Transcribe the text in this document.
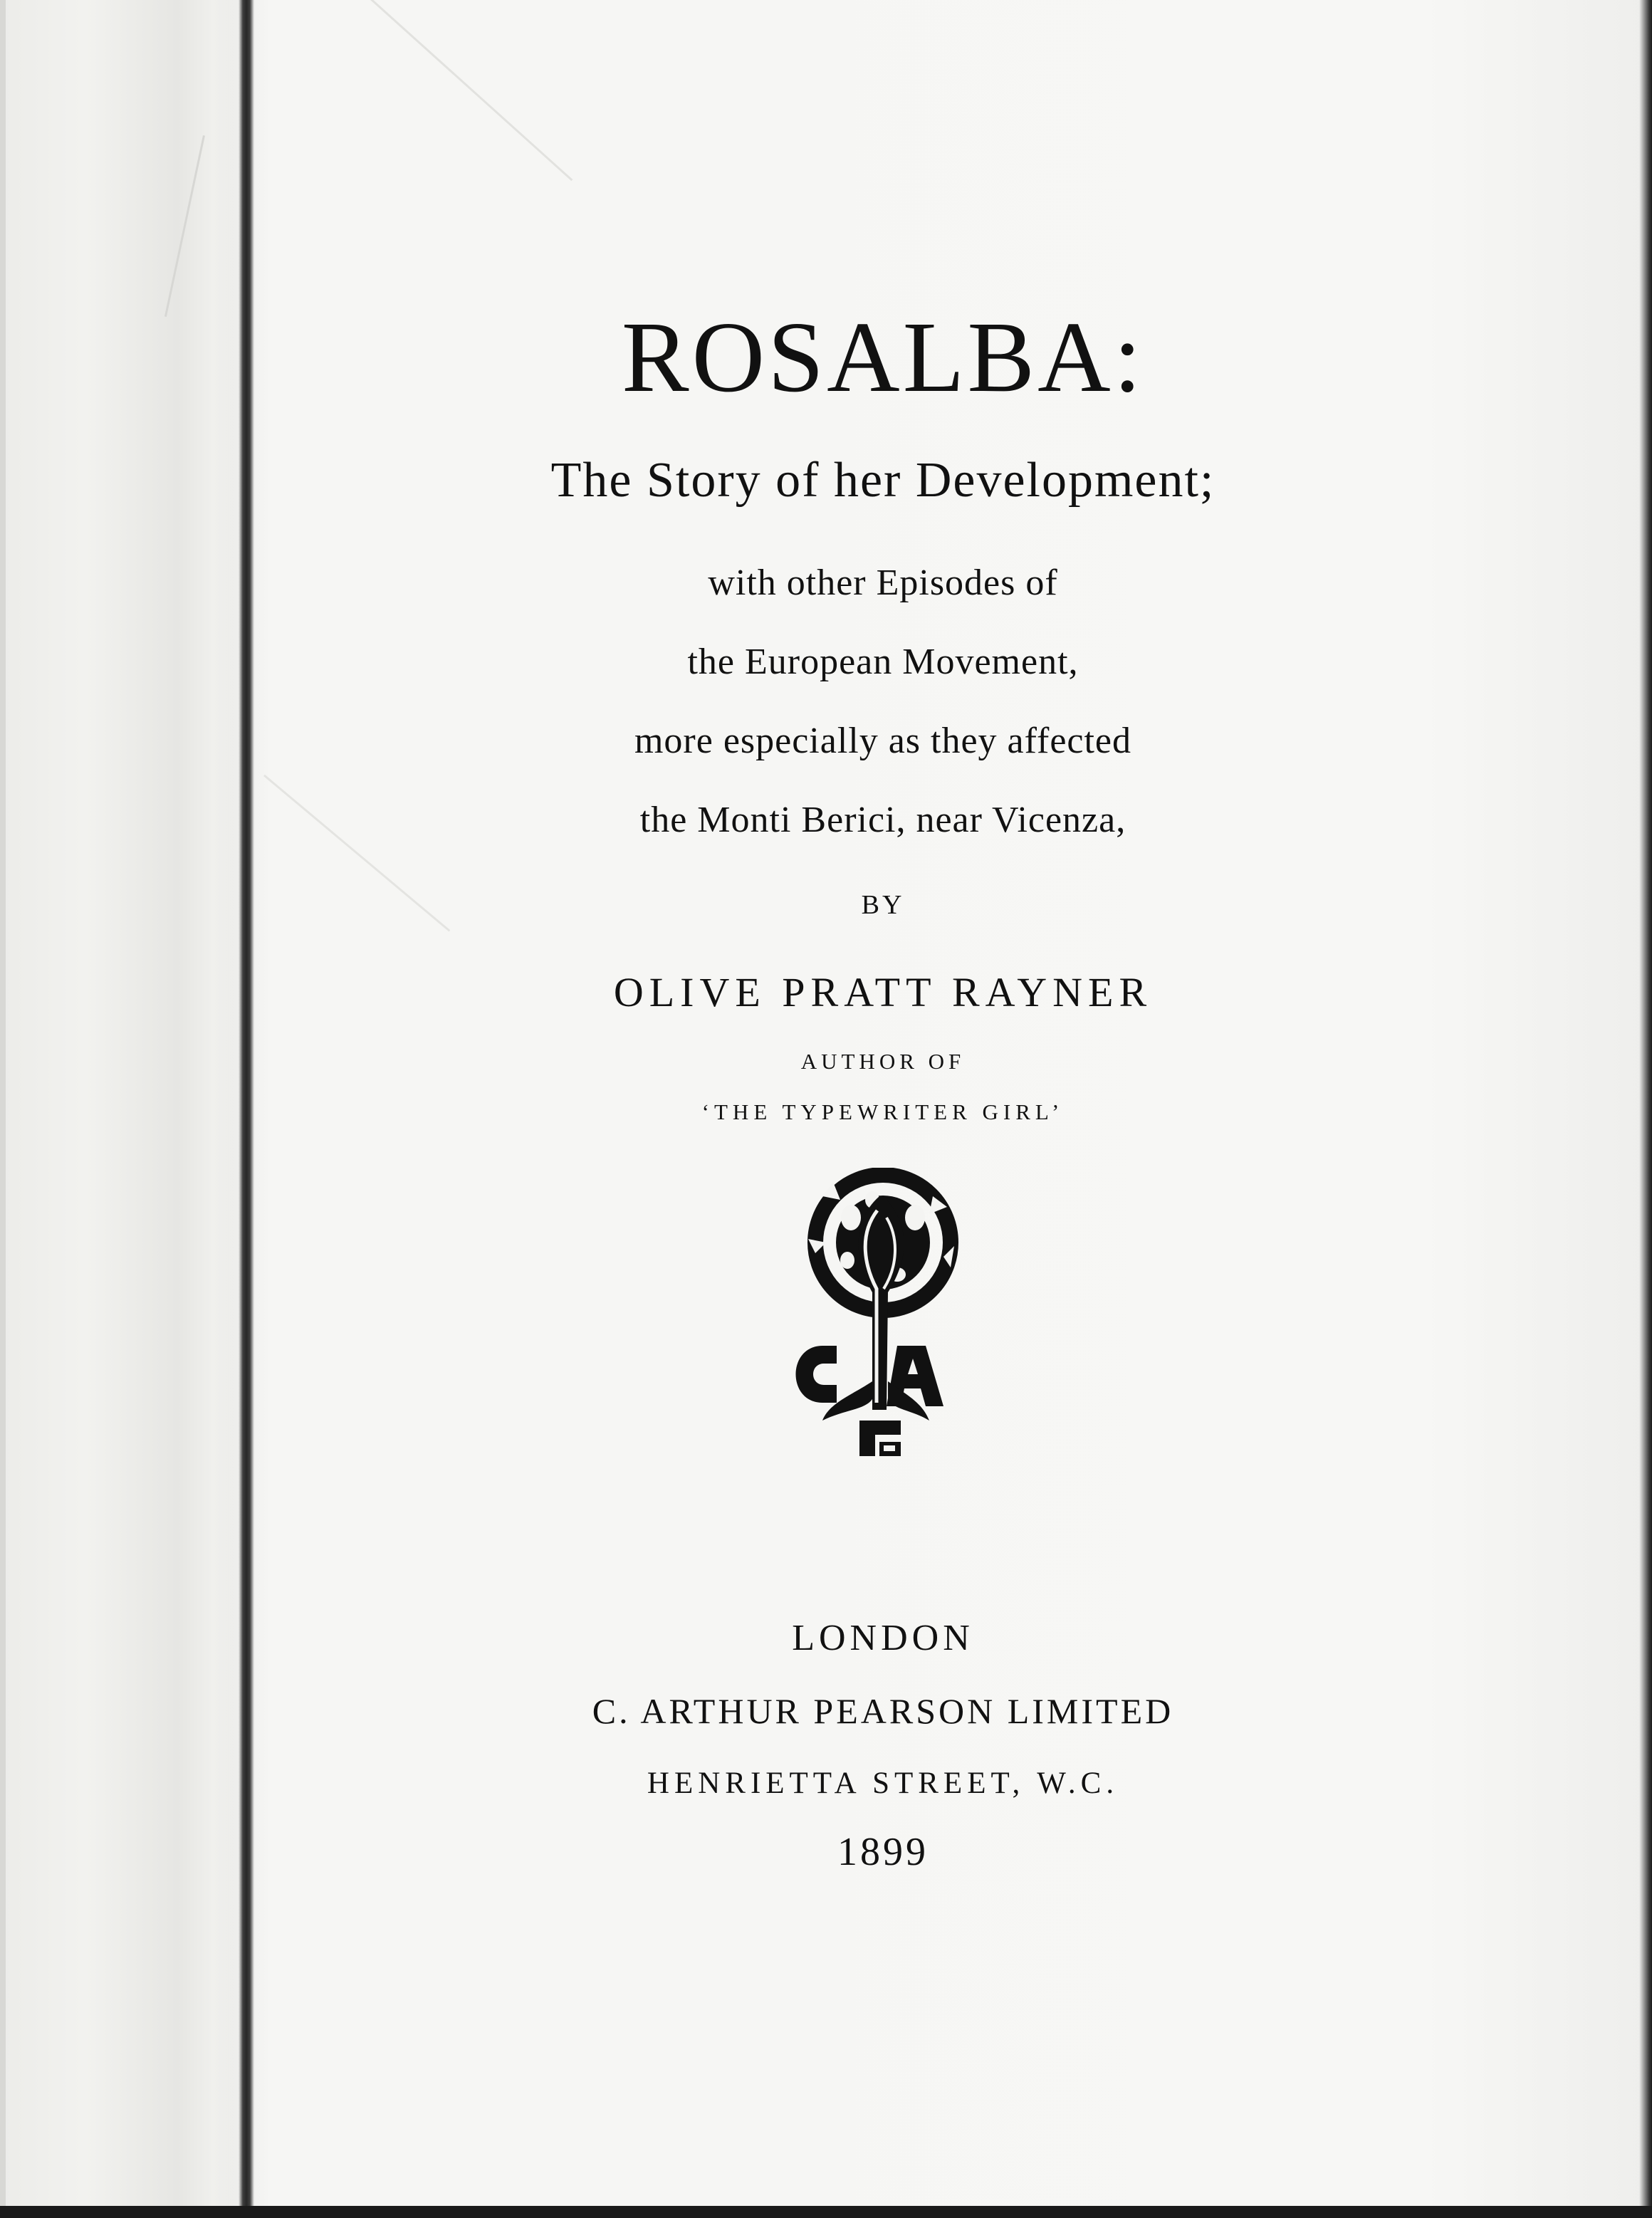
ROSALBA:
The Story of her Development;
with other Episodes of
the European Movement,
more especially as they affected
the Monti Berici, near Vicenza,
BY
OLIVE PRATT RAYNER
AUTHOR OF
‘THE TYPEWRITER GIRL’
LONDON
C. ARTHUR PEARSON LIMITED
HENRIETTA STREET, W.C.
1899
